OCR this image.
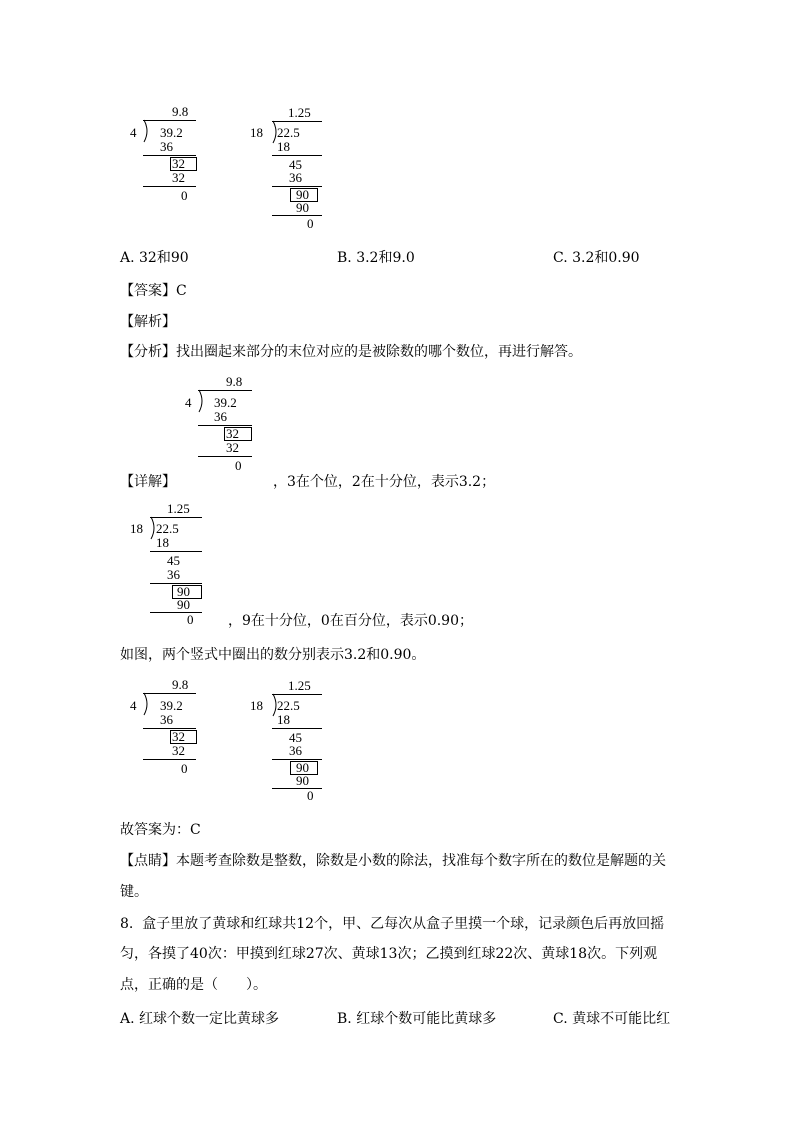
9.8
4 39.2
36
32
32
0
1.25
18 22.5
18
45
36
90
90
0
A. 32和90	B. 3.2和9.0	C. 3.2和0.90
【答案】C
【解析】
【分析】找出圈起来部分的末位对应的是被除数的哪个数位，再进行解答。
9.8
4 39.2
36
32
32
0
【详解】	，3在个位，2在十分位，表示3.2；
1.25
18 22.5
18
45
36
90
90
0 ，9在十分位，0在百分位，表示0.90；
如图，两个竖式中圈出的数分别表示3.2和0.90。
9.8
4 39.2
36
32
32
0
1.25
18 22.5
18
45
36
90
90
0
故答案为：C
【点睛】本题考查除数是整数，除数是小数的除法，找准每个数字所在的数位是解题的关
键。
8. 盒子里放了黄球和红球共12个，甲、乙每次从盒子里摸一个球，记录颜色后再放回摇
匀，各摸了40次：甲摸到红球27次、黄球13次；乙摸到红球22次、黄球18次。下列观
点，正确的是（　　）。
A. 红球个数一定比黄球多	B. 红球个数可能比黄球多	C. 黄球不可能比红
